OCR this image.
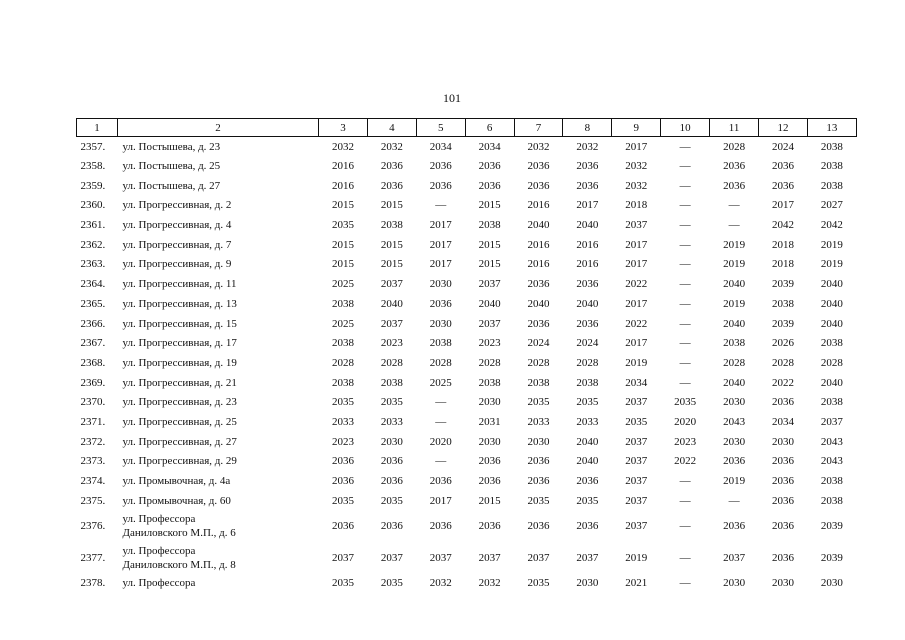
101
1	2	3	4	5	6	7	8	9	10	11	12	13
2357.	ул. Постышева, д. 23	2032	2032	2034	2034	2032	2032	2017	—	2028	2024	2038
2358.	ул. Постышева, д. 25	2016	2036	2036	2036	2036	2036	2032	—	2036	2036	2038
2359.	ул. Постышева, д. 27	2016	2036	2036	2036	2036	2036	2032	—	2036	2036	2038
2360.	ул. Прогрессивная, д. 2	2015	2015	—	2015	2016	2017	2018	—	—	2017	2027
2361.	ул. Прогрессивная, д. 4	2035	2038	2017	2038	2040	2040	2037	—	—	2042	2042
2362.	ул. Прогрессивная, д. 7	2015	2015	2017	2015	2016	2016	2017	—	2019	2018	2019
2363.	ул. Прогрессивная, д. 9	2015	2015	2017	2015	2016	2016	2017	—	2019	2018	2019
2364.	ул. Прогрессивная, д. 11	2025	2037	2030	2037	2036	2036	2022	—	2040	2039	2040
2365.	ул. Прогрессивная, д. 13	2038	2040	2036	2040	2040	2040	2017	—	2019	2038	2040
2366.	ул. Прогрессивная, д. 15	2025	2037	2030	2037	2036	2036	2022	—	2040	2039	2040
2367.	ул. Прогрессивная, д. 17	2038	2023	2038	2023	2024	2024	2017	—	2038	2026	2038
2368.	ул. Прогрессивная, д. 19	2028	2028	2028	2028	2028	2028	2019	—	2028	2028	2028
2369.	ул. Прогрессивная, д. 21	2038	2038	2025	2038	2038	2038	2034	—	2040	2022	2040
2370.	ул. Прогрессивная, д. 23	2035	2035	—	2030	2035	2035	2037	2035	2030	2036	2038
2371.	ул. Прогрессивная, д. 25	2033	2033	—	2031	2033	2033	2035	2020	2043	2034	2037
2372.	ул. Прогрессивная, д. 27	2023	2030	2020	2030	2030	2040	2037	2023	2030	2030	2043
2373.	ул. Прогрессивная, д. 29	2036	2036	—	2036	2036	2040	2037	2022	2036	2036	2043
2374.	ул. Промывочная, д. 4а	2036	2036	2036	2036	2036	2036	2037	—	2019	2036	2038
2375.	ул. Промывочная, д. 60	2035	2035	2017	2015	2035	2035	2037	—	—	2036	2038
2376.	ул. Профессора
Даниловского М.П., д. 6	2036	2036	2036	2036	2036	2036	2037	—	2036	2036	2039
2377.	ул. Профессора
Даниловского М.П., д. 8	2037	2037	2037	2037	2037	2037	2019	—	2037	2036	2039
2378.	ул. Профессора	2035	2035	2032	2032	2035	2030	2021	—	2030	2030	2030
